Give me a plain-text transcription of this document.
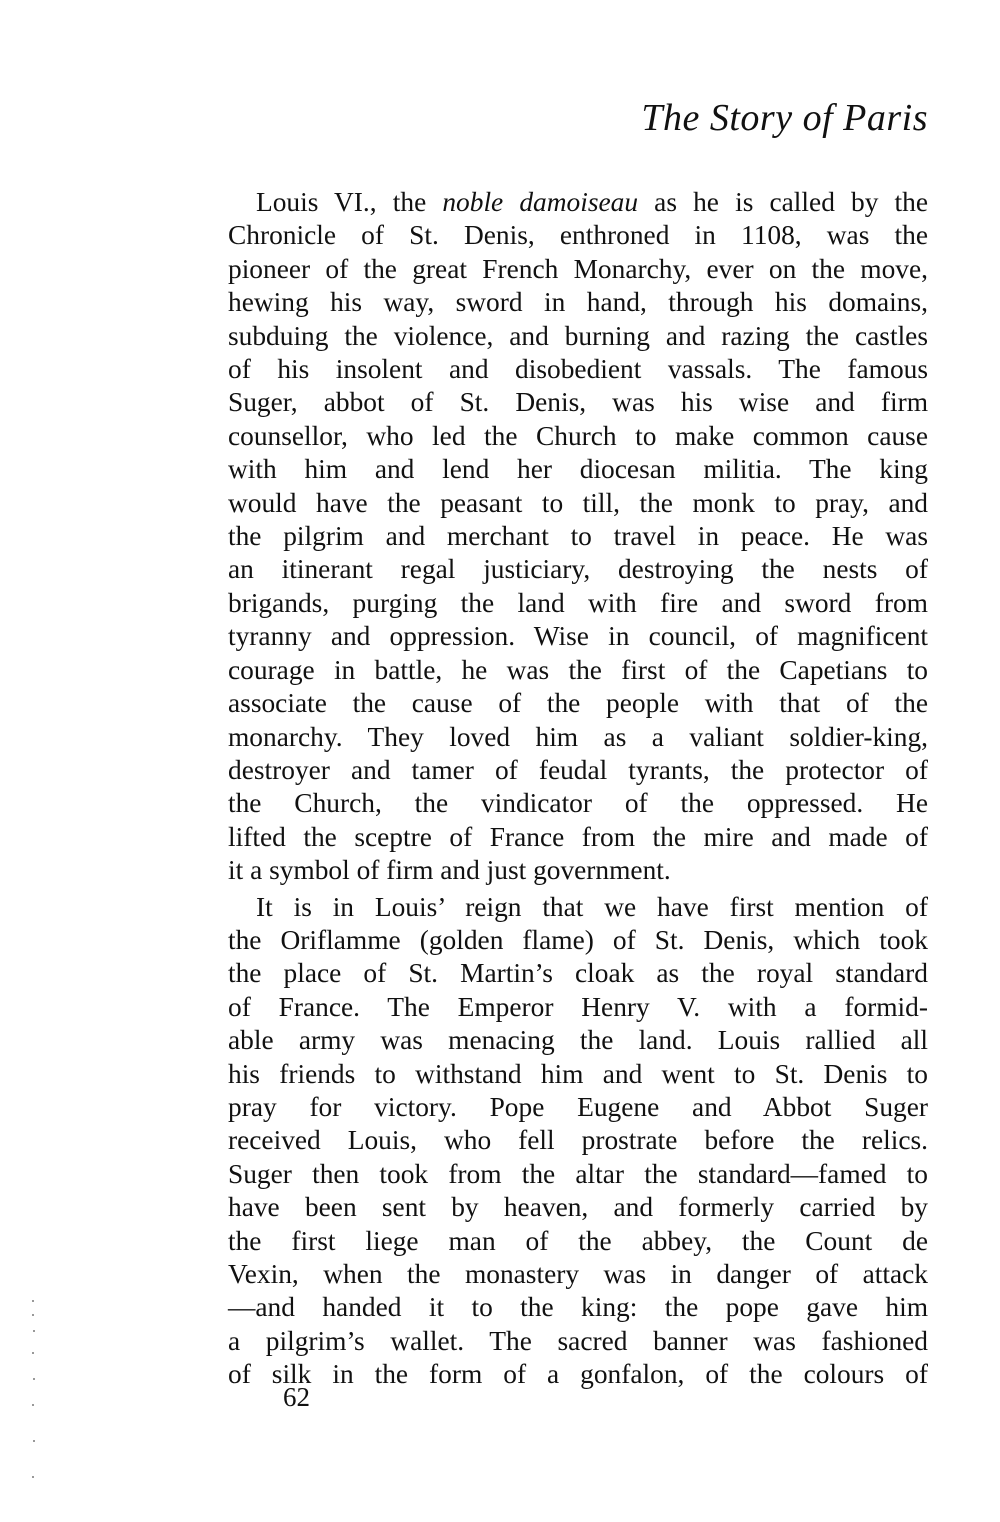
The Story of Paris
Louis VI., the noble damoiseau as he is called by the
Chronicle of St. Denis, enthroned in 1108, was the
pioneer of the great French Monarchy, ever on the move,
hewing his way, sword in hand, through his domains,
subduing the violence, and burning and razing the castles
of his insolent and disobedient vassals. The famous
Suger, abbot of St. Denis, was his wise and firm
counsellor, who led the Church to make common cause
with him and lend her diocesan militia. The king
would have the peasant to till, the monk to pray, and
the pilgrim and merchant to travel in peace. He was
an itinerant regal justiciary, destroying the nests of
brigands, purging the land with fire and sword from
tyranny and oppression. Wise in council, of magnificent
courage in battle, he was the first of the Capetians to
associate the cause of the people with that of the
monarchy. They loved him as a valiant soldier-king,
destroyer and tamer of feudal tyrants, the protector of
the Church, the vindicator of the oppressed. He
lifted the sceptre of France from the mire and made of
it a symbol of firm and just government.
It is in Louis’ reign that we have first mention of
the Oriflamme (golden flame) of St. Denis, which took
the place of St. Martin’s cloak as the royal standard
of France. The Emperor Henry V. with a formid-
able army was menacing the land. Louis rallied all
his friends to withstand him and went to St. Denis to
pray for victory. Pope Eugene and Abbot Suger
received Louis, who fell prostrate before the relics.
Suger then took from the altar the standard—famed to
have been sent by heaven, and formerly carried by
the first liege man of the abbey, the Count de
Vexin, when the monastery was in danger of attack
—and handed it to the king: the pope gave him
a pilgrim’s wallet. The sacred banner was fashioned
of silk in the form of a gonfalon, of the colours of
62
